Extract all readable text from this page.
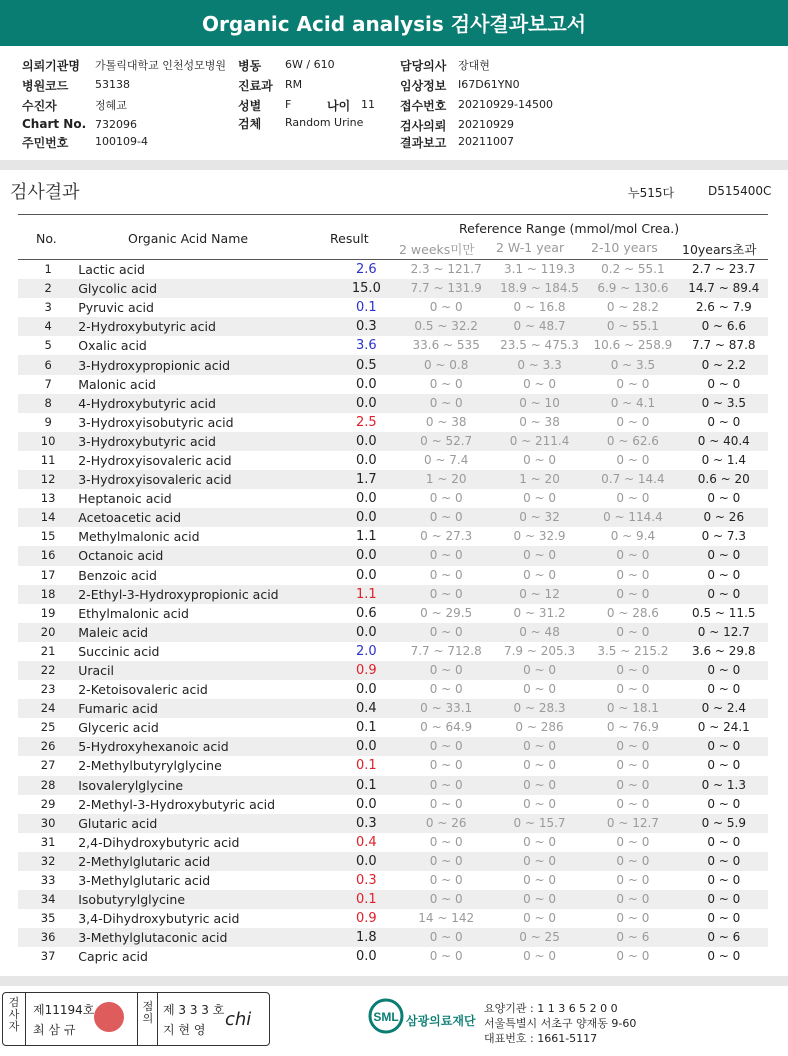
Organic Acid analysis 검사결과보고서
의뢰기관명 가톨릭대학교 인천성모병원 병동 6W / 610	담당의사 장대현
병원코드 53138	진료과 RM	임상정보 I67D61YN0
수진자	정혜교	성별 F	나이 11 접수번호 20210929-14500
Chart No. 732096	검체 Random Urine	검사의뢰 20210929
주민번호 100109-4	결과보고 20211007
검사결과	누515다	D515400C
No.	Organic Acid Name	Result
Reference Range (mmol/mol Crea.)
2 weeks미만 2 W-1 year 2-10 years 10years초과
1	Lactic acid	2.6	2.3 ~ 121.7	3.1 ~ 119.3	0.2 ~ 55.1	2.7 ~ 23.7
2	Glycolic acid	15.0	7.7 ~ 131.9	18.9 ~ 184.5	6.9 ~ 130.6	14.7 ~ 89.4
3	Pyruvic acid	0.1	0 ~ 0	0 ~ 16.8	0 ~ 28.2	2.6 ~ 7.9
4	2-Hydroxybutyric acid	0.3	0.5 ~ 32.2	0 ~ 48.7	0 ~ 55.1	0 ~ 6.6
5	Oxalic acid	3.6	33.6 ~ 535	23.5 ~ 475.3	10.6 ~ 258.9	7.7 ~ 87.8
6	3-Hydroxypropionic acid	0.5	0 ~ 0.8	0 ~ 3.3	0 ~ 3.5	0 ~ 2.2
7	Malonic acid	0.0	0 ~ 0	0 ~ 0	0 ~ 0	0 ~ 0
8	4-Hydroxybutyric acid	0.0	0 ~ 0	0 ~ 10	0 ~ 4.1	0 ~ 3.5
9	3-Hydroxyisobutyric acid	2.5	0 ~ 38	0 ~ 38	0 ~ 0	0 ~ 0
10	3-Hydroxybutyric acid	0.0	0 ~ 52.7	0 ~ 211.4	0 ~ 62.6	0 ~ 40.4
11	2-Hydroxyisovaleric acid	0.0	0 ~ 7.4	0 ~ 0	0 ~ 0	0 ~ 1.4
12	3-Hydroxyisovaleric acid	1.7	1 ~ 20	1 ~ 20	0.7 ~ 14.4	0.6 ~ 20
13	Heptanoic acid	0.0	0 ~ 0	0 ~ 0	0 ~ 0	0 ~ 0
14	Acetoacetic acid	0.0	0 ~ 0	0 ~ 32	0 ~ 114.4	0 ~ 26
15	Methylmalonic acid	1.1	0 ~ 27.3	0 ~ 32.9	0 ~ 9.4	0 ~ 7.3
16	Octanoic acid	0.0	0 ~ 0	0 ~ 0	0 ~ 0	0 ~ 0
17	Benzoic acid	0.0	0 ~ 0	0 ~ 0	0 ~ 0	0 ~ 0
18	2-Ethyl-3-Hydroxypropionic acid	1.1	0 ~ 0	0 ~ 12	0 ~ 0	0 ~ 0
19	Ethylmalonic acid	0.6	0 ~ 29.5	0 ~ 31.2	0 ~ 28.6	0.5 ~ 11.5
20	Maleic acid	0.0	0 ~ 0	0 ~ 48	0 ~ 0	0 ~ 12.7
21	Succinic acid	2.0	7.7 ~ 712.8	7.9 ~ 205.3	3.5 ~ 215.2	3.6 ~ 29.8
22	Uracil	0.9	0 ~ 0	0 ~ 0	0 ~ 0	0 ~ 0
23	2-Ketoisovaleric acid	0.0	0 ~ 0	0 ~ 0	0 ~ 0	0 ~ 0
24	Fumaric acid	0.4	0 ~ 33.1	0 ~ 28.3	0 ~ 18.1	0 ~ 2.4
25	Glyceric acid	0.1	0 ~ 64.9	0 ~ 286	0 ~ 76.9	0 ~ 24.1
26	5-Hydroxyhexanoic acid	0.0	0 ~ 0	0 ~ 0	0 ~ 0	0 ~ 0
27	2-Methylbutyrylglycine	0.1	0 ~ 0	0 ~ 0	0 ~ 0	0 ~ 0
28	Isovalerylglycine	0.1	0 ~ 0	0 ~ 0	0 ~ 0	0 ~ 1.3
29	2-Methyl-3-Hydroxybutyric acid	0.0	0 ~ 0	0 ~ 0	0 ~ 0	0 ~ 0
30	Glutaric acid	0.3	0 ~ 26	0 ~ 15.7	0 ~ 12.7	0 ~ 5.9
31	2,4-Dihydroxybutyric acid	0.4	0 ~ 0	0 ~ 0	0 ~ 0	0 ~ 0
32	2-Methylglutaric acid	0.0	0 ~ 0	0 ~ 0	0 ~ 0	0 ~ 0
33	3-Methylglutaric acid	0.3	0 ~ 0	0 ~ 0	0 ~ 0	0 ~ 0
34	Isobutyrylglycine	0.1	0 ~ 0	0 ~ 0	0 ~ 0	0 ~ 0
35	3,4-Dihydroxybutyric acid	0.9	14 ~ 142	0 ~ 0	0 ~ 0	0 ~ 0
36	3-Methylglutaconic acid	1.8	0 ~ 0	0 ~ 25	0 ~ 6	0 ~ 6
37	Capric acid	0.0	0 ~ 0	0 ~ 0	0 ~ 0	0 ~ 0
검사자
제11194호
최 삼 규
점의
제 3 3 3 호
지 현 영 chi	SML 삼광의료재단
요양기관 : 1 1 3 6 5 2 0 0
서울특별시 서초구 양재동 9-60
대표번호 : 1661-5117
